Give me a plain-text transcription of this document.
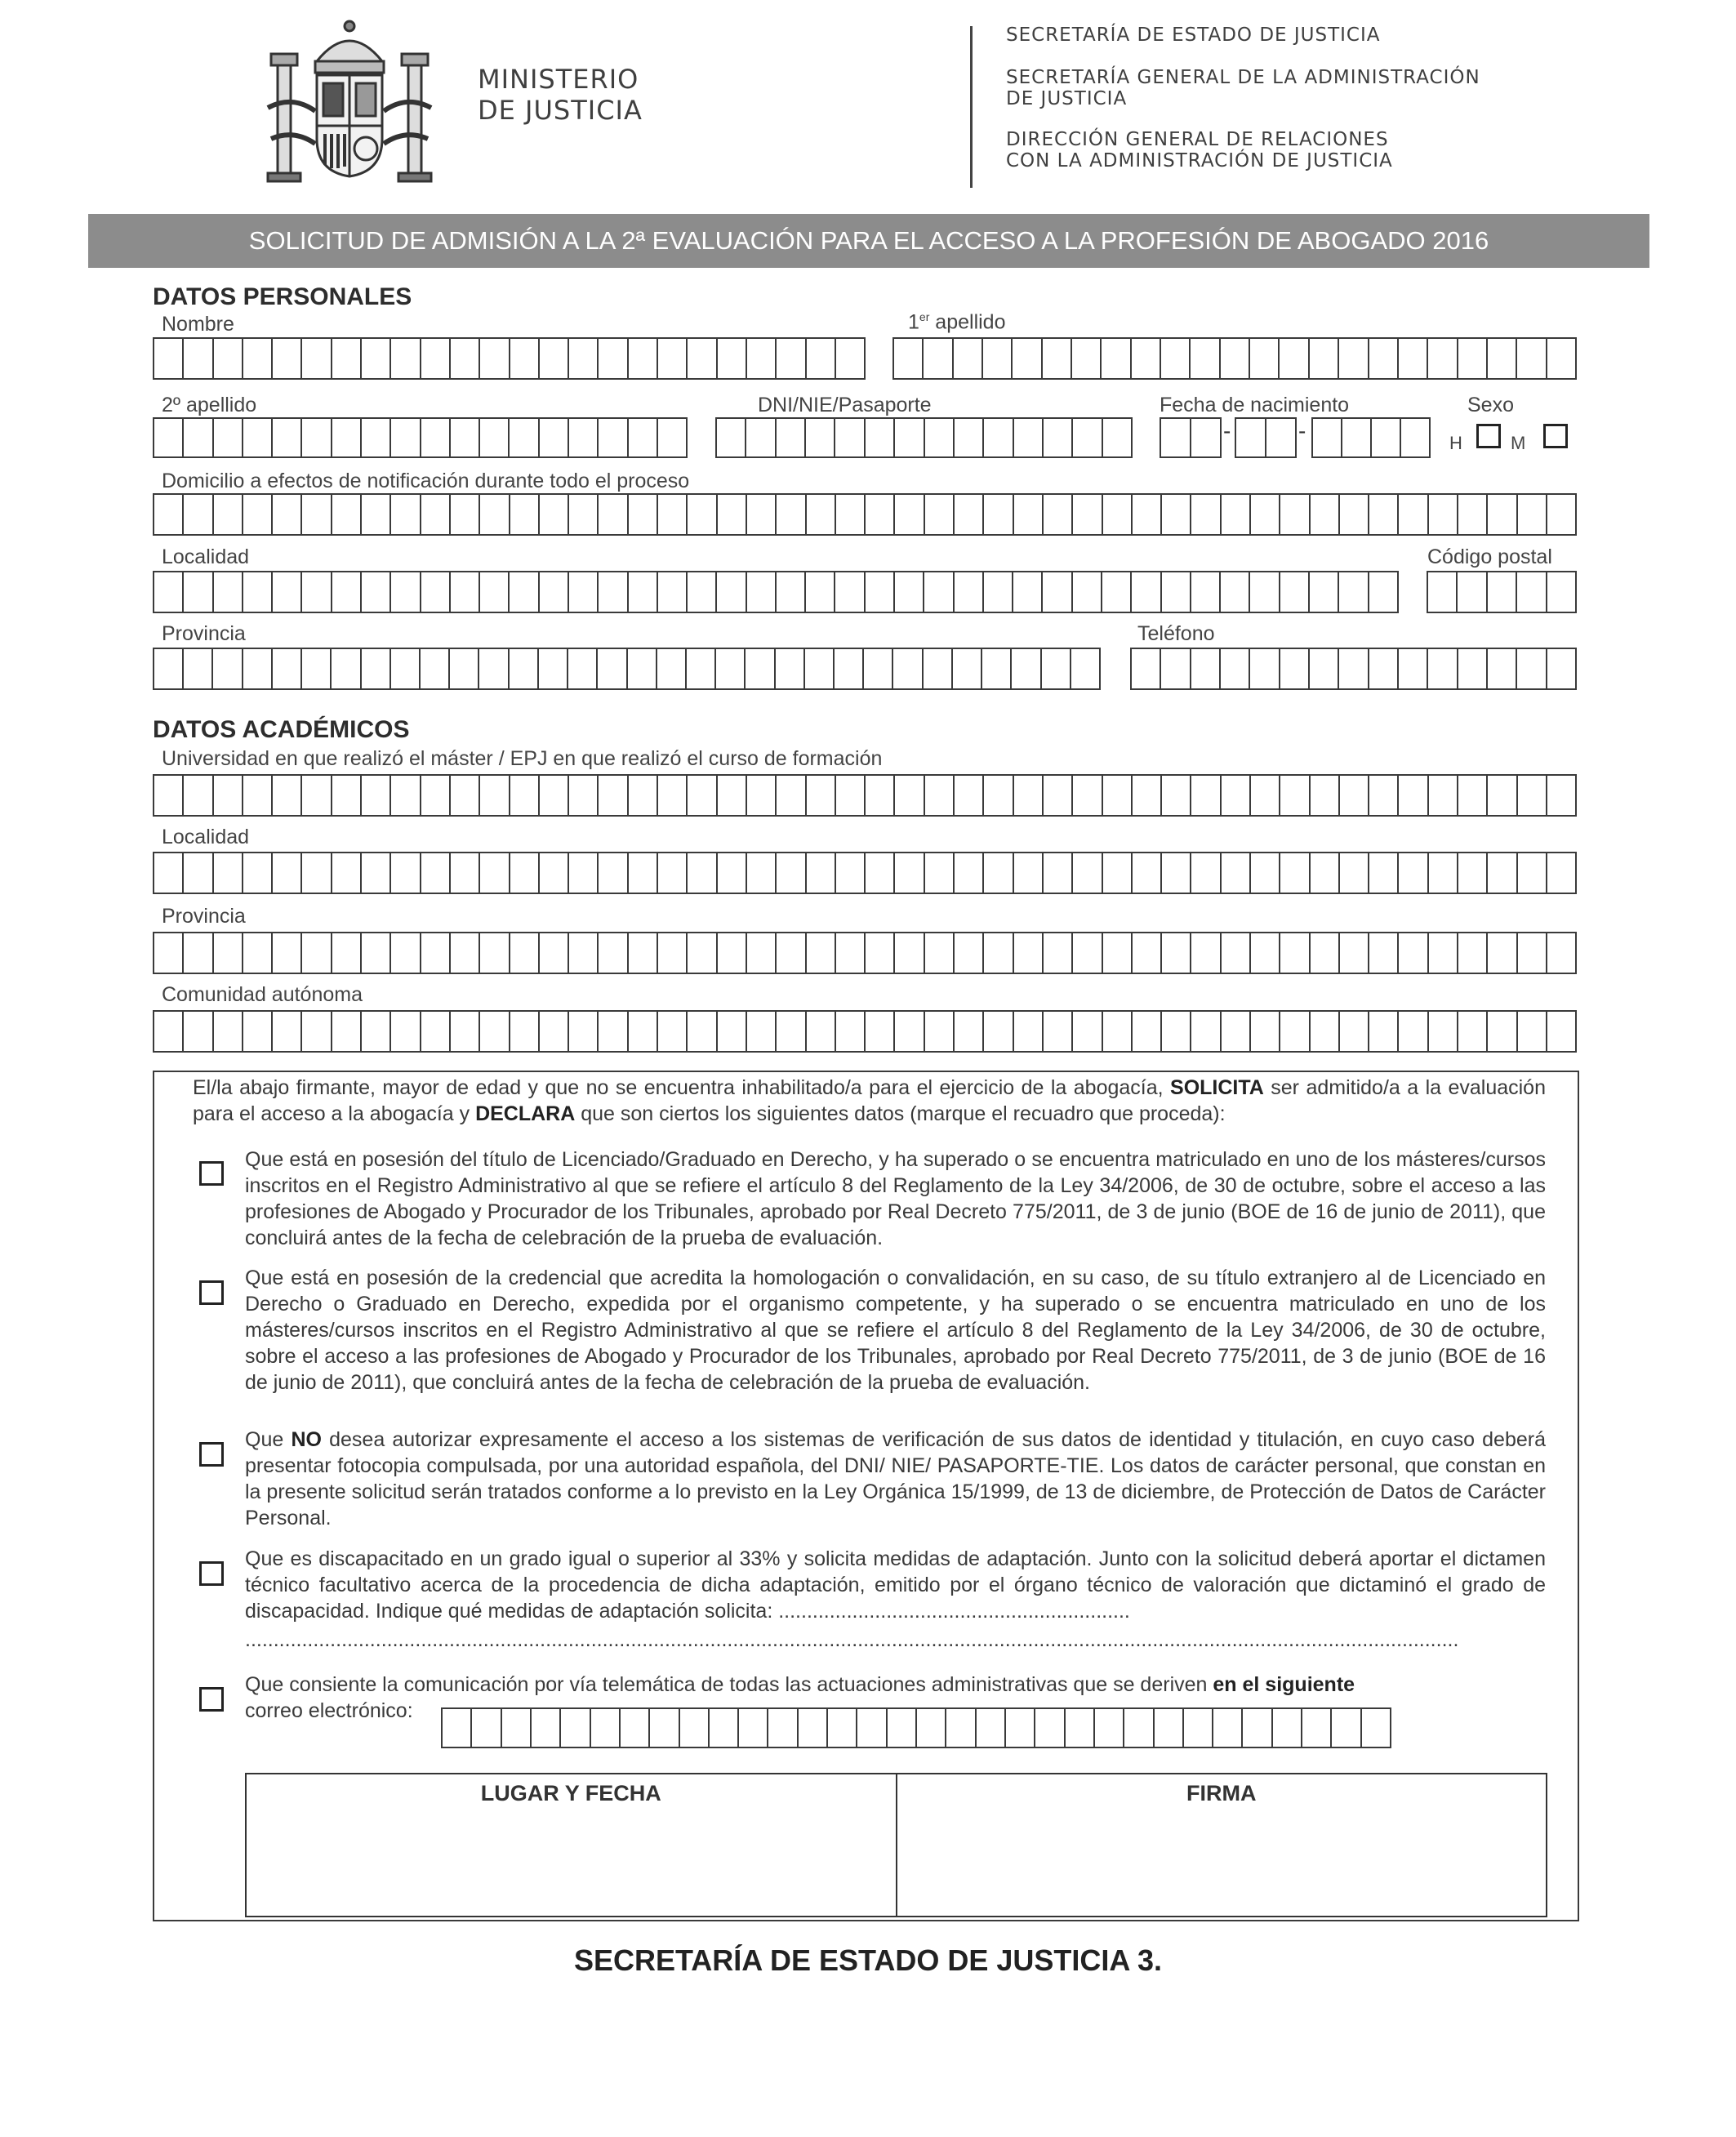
MINISTERIO
DE JUSTICIA
SECRETARÍA DE ESTADO DE JUSTICIA
SECRETARÍA GENERAL DE LA ADMINISTRACIÓN
DE JUSTICIA
DIRECCIÓN GENERAL DE RELACIONES
CON LA ADMINISTRACIÓN DE JUSTICIA
SOLICITUD DE ADMISIÓN A LA 2ª EVALUACIÓN PARA EL ACCESO A LA PROFESIÓN DE ABOGADO 2016
DATOS PERSONALES
Nombre	1er apellido
2º apellido	DNI/NIE/Pasaporte	Fecha de nacimiento	Sexo
-	-	H	M
Domicilio a efectos de notificación durante todo el proceso
Localidad	Código postal
Provincia	Teléfono
DATOS ACADÉMICOS
Universidad en que realizó el máster / EPJ en que realizó el curso de formación
Localidad
Provincia
Comunidad autónoma
El/la abajo firmante, mayor de edad y que no se encuentra inhabilitado/a para el ejercicio de la abogacía, SOLICITA ser admitido/a a la evaluación para el acceso a la abogacía y DECLARA que son ciertos los siguientes datos (marque el recuadro que proceda):
Que está en posesión del título de Licenciado/Graduado en Derecho, y ha superado o se encuentra matriculado en uno de los másteres/cursos inscritos en el Registro Administrativo al que se refiere el artículo 8 del Reglamento de la Ley 34/2006, de 30 de octubre, sobre el acceso a las profesiones de Abogado y Procurador de los Tribunales, aprobado por Real Decreto 775/2011, de 3 de junio (BOE de 16 de junio de 2011), que concluirá antes de la fecha de celebración de la prueba de evaluación.
Que está en posesión de la credencial que acredita la homologación o convalidación, en su caso, de su título extranjero al de Licenciado en Derecho o Graduado en Derecho, expedida por el organismo competente, y ha superado o se encuentra matriculado en uno de los másteres/cursos inscritos en el Registro Administrativo al que se refiere el artículo 8 del Reglamento de la Ley 34/2006, de 30 de octubre, sobre el acceso a las profesiones de Abogado y Procurador de los Tribunales, aprobado por Real Decreto 775/2011, de 3 de junio (BOE de 16 de junio de 2011), que concluirá antes de la fecha de celebración de la prueba de evaluación.
Que NO desea autorizar expresamente el acceso a los sistemas de verificación de sus datos de identidad y titulación, en cuyo caso deberá presentar fotocopia compulsada, por una autoridad española, del DNI/ NIE/ PASAPORTE-TIE. Los datos de carácter personal, que constan en la presente solicitud serán tratados conforme a lo previsto en la Ley Orgánica 15/1999, de 13 de diciembre, de Protección de Datos de Carácter Personal.
Que es discapacitado en un grado igual o superior al 33% y solicita medidas de adaptación. Junto con la solicitud deberá aportar el dictamen técnico facultativo acerca de la procedencia de dicha adaptación, emitido por el órgano técnico de valoración que dictaminó el grado de discapacidad. Indique qué medidas de adaptación solicita: ..............................................................
......................................................................................................................................................................................................................
Que consiente la comunicación por vía telemática de todas las actuaciones administrativas que se deriven en el siguiente
correo electrónico:
LUGAR Y FECHA	FIRMA
SECRETARÍA DE ESTADO DE JUSTICIA 3.
